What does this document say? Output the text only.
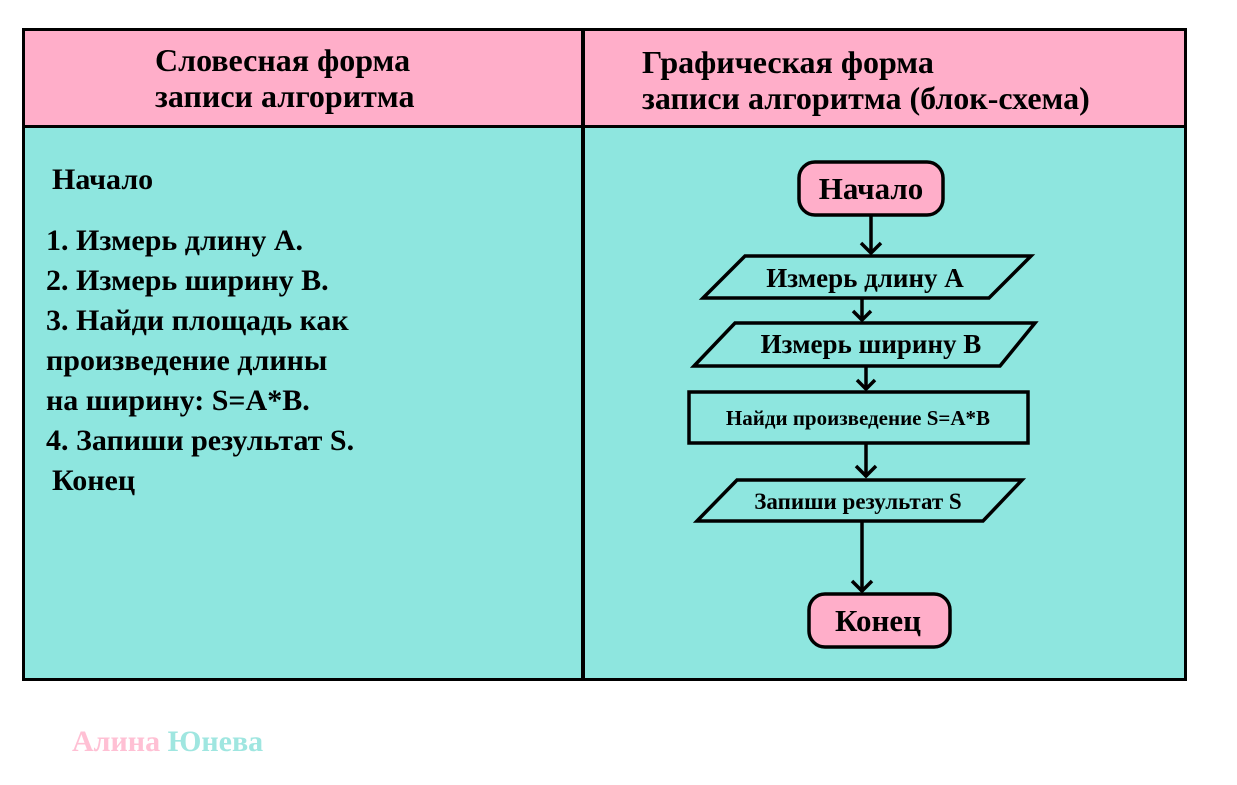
Словесная форма
записи алгоритма
Графическая форма
записи алгоритма (блок-схема)
Начало
1. Измерь длину А.
2. Измерь ширину В.
3. Найди площадь как
произведение длины
на ширину: S=A*B.
4. Запиши результат S.
Конец
Начало
Измерь длину А
Измерь ширину В
Найди произведение S=A*B
Запиши результат S
Конец
Алина Юнева
